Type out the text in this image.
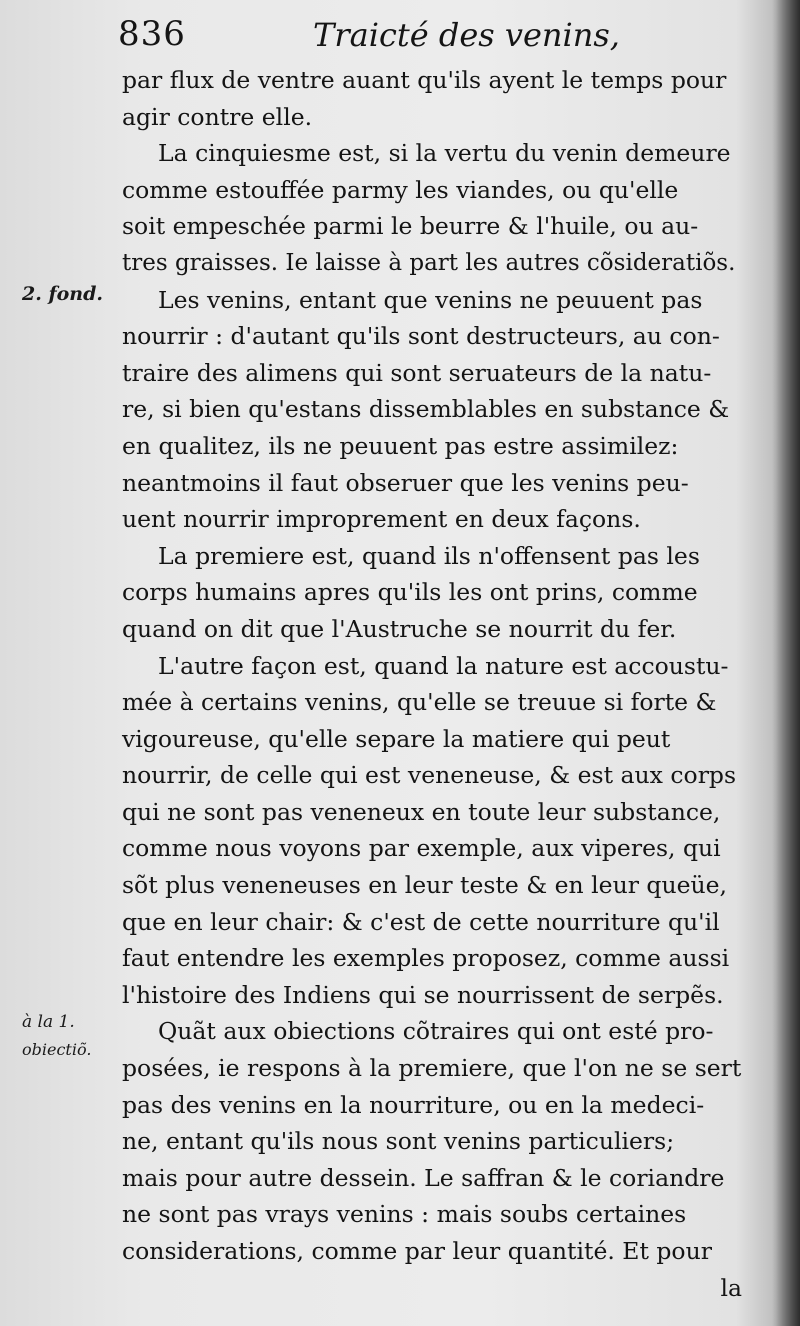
836	Traicté des venins,
2. fond.
à la 1.
obiectiõ.
par flux de ventre auant qu'ils ayent le temps pour
agir contre elle.
La cinquiesme est, si la vertu du venin demeure
comme estouffée parmy les viandes, ou qu'elle
soit empeschée parmi le beurre & l'huile, ou au-
tres graisses. Ie laisse à part les autres cõsideratiõs.
Les venins, entant que venins ne peuuent pas
nourrir : d'autant qu'ils sont destructeurs, au con-
traire des alimens qui sont seruateurs de la natu-
re, si bien qu'estans dissemblables en substance &
en qualitez, ils ne peuuent pas estre assimilez:
neantmoins il faut obseruer que les venins peu-
uent nourrir improprement en deux façons.
La premiere est, quand ils n'offensent pas les
corps humains apres qu'ils les ont prins, comme
quand on dit que l'Austruche se nourrit du fer.
L'autre façon est, quand la nature est accoustu-
mée à certains venins, qu'elle se treuue si forte &
vigoureuse, qu'elle separe la matiere qui peut
nourrir, de celle qui est veneneuse, & est aux corps
qui ne sont pas veneneux en toute leur substance,
comme nous voyons par exemple, aux viperes, qui
sõt plus veneneuses en leur teste & en leur queüe,
que en leur chair: & c'est de cette nourriture qu'il
faut entendre les exemples proposez, comme aussi
l'histoire des Indiens qui se nourrissent de serpẽs.
Quãt aux obiections cõtraires qui ont esté pro-
posées, ie respons à la premiere, que l'on ne se sert
pas des venins en la nourriture, ou en la medeci-
ne, entant qu'ils nous sont venins particuliers;
mais pour autre dessein. Le saffran & le coriandre
ne sont pas vrays venins : mais soubs certaines
considerations, comme par leur quantité. Et pour
la
